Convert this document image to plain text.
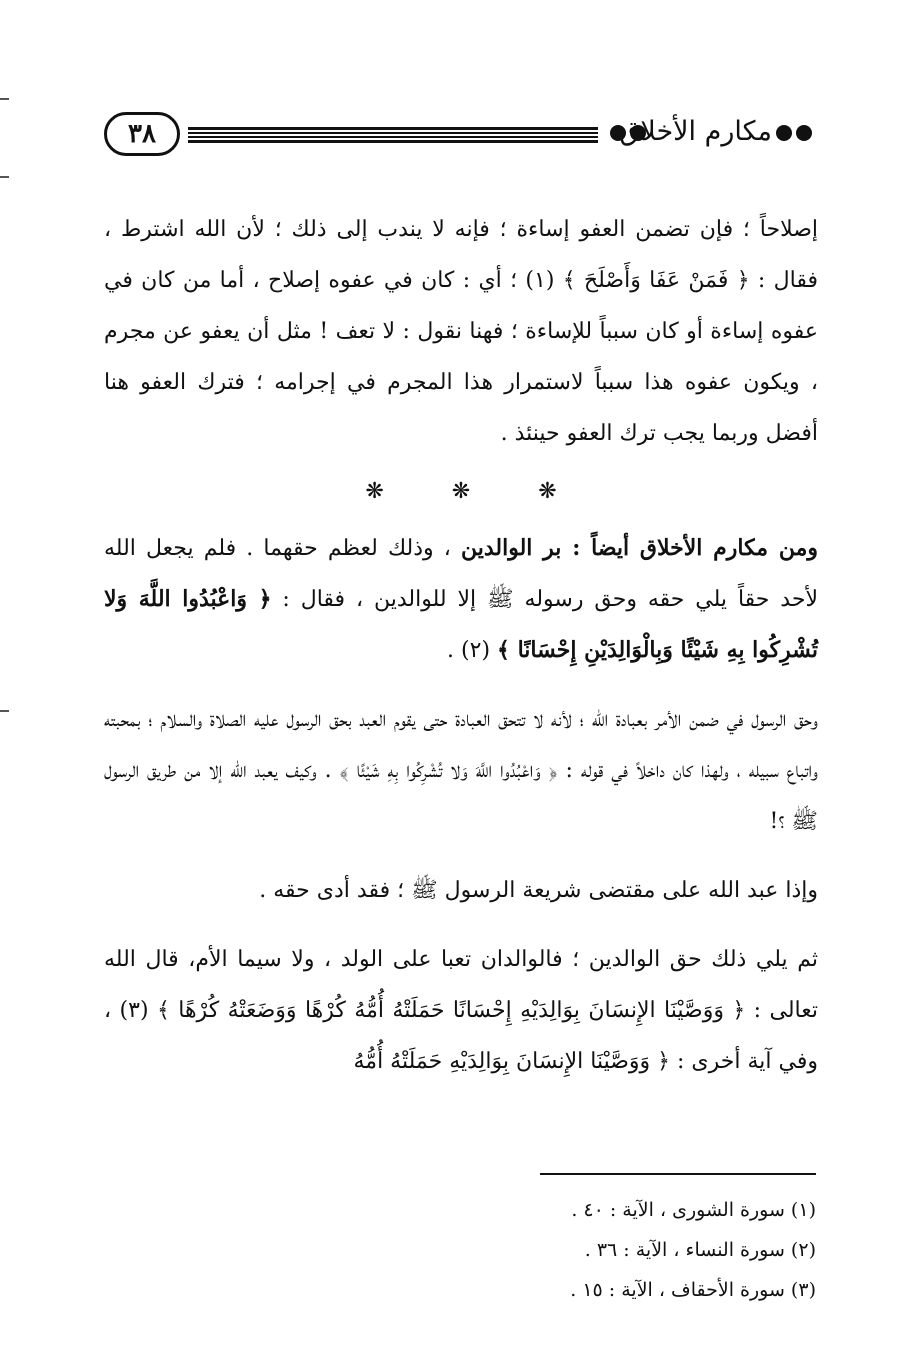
٣٨	مكارم الأخلاق

إصلاحاً ؛ فإن تضمن العفو إساءة ؛ فإنه لا يندب إلى ذلك ؛ لأن الله اشترط ، فقال : ﴿ فَمَنْ عَفَا وَأَصْلَحَ ﴾ (١) ؛ أي : كان في عفوه إصلاح ، أما من كان في عفوه إساءة أو كان سبباً للإساءة ؛ فهنا نقول : لا تعف ! مثل أن يعفو عن مجرم ، ويكون عفوه هذا سبباً لاستمرار هذا المجرم في إجرامه ؛ فترك العفو هنا أفضل وربما يجب ترك العفو حينئذ .

❋
❋
❋

ومن مكارم الأخلاق أيضاً : بر الوالدين ، وذلك لعظم حقهما . فلم يجعل الله لأحد حقاً يلي حقه وحق رسوله ﷺ إلا للوالدين ، فقال : ﴿ وَاعْبُدُوا اللَّهَ وَلا تُشْرِكُوا بِهِ شَيْئًا وَبِالْوَالِدَيْنِ إِحْسَانًا ﴾ (٢) .

وحق الرسول في ضمن الأمر بعبادة الله ؛ لأنه لا تتحق العبادة حتى يقوم العبد بحق الرسول عليه الصلاة والسلام ؛ بمحبته واتباع سبيله ، ولهذا كان داخلاً في قوله : ﴿ وَاعْبُدُوا اللَّهَ وَلا تُشْرِكُوا بِهِ شَيْئًا ﴾ . وكيف يعبد الله إلا من طريق الرسول ﷺ ؟!

وإذا عبد الله على مقتضى شريعة الرسول ﷺ ؛ فقد أدى حقه .

ثم يلي ذلك حق الوالدين ؛ فالوالدان تعبا على الولد ، ولا سيما الأم، قال الله تعالى : ﴿ وَوَصَّيْنَا الإِنسَانَ بِوَالِدَيْهِ إِحْسَانًا حَمَلَتْهُ أُمُّهُ كُرْهًا وَوَضَعَتْهُ كُرْهًا ﴾ (٣) ، وفي آية أخرى : ﴿ وَوَصَّيْنَا الإِنسَانَ بِوَالِدَيْهِ حَمَلَتْهُ أُمُّهُ

(١) سورة الشورى ، الآية : ٤٠ .
(٢) سورة النساء ، الآية : ٣٦ .
(٣) سورة الأحقاف ، الآية : ١٥ .
